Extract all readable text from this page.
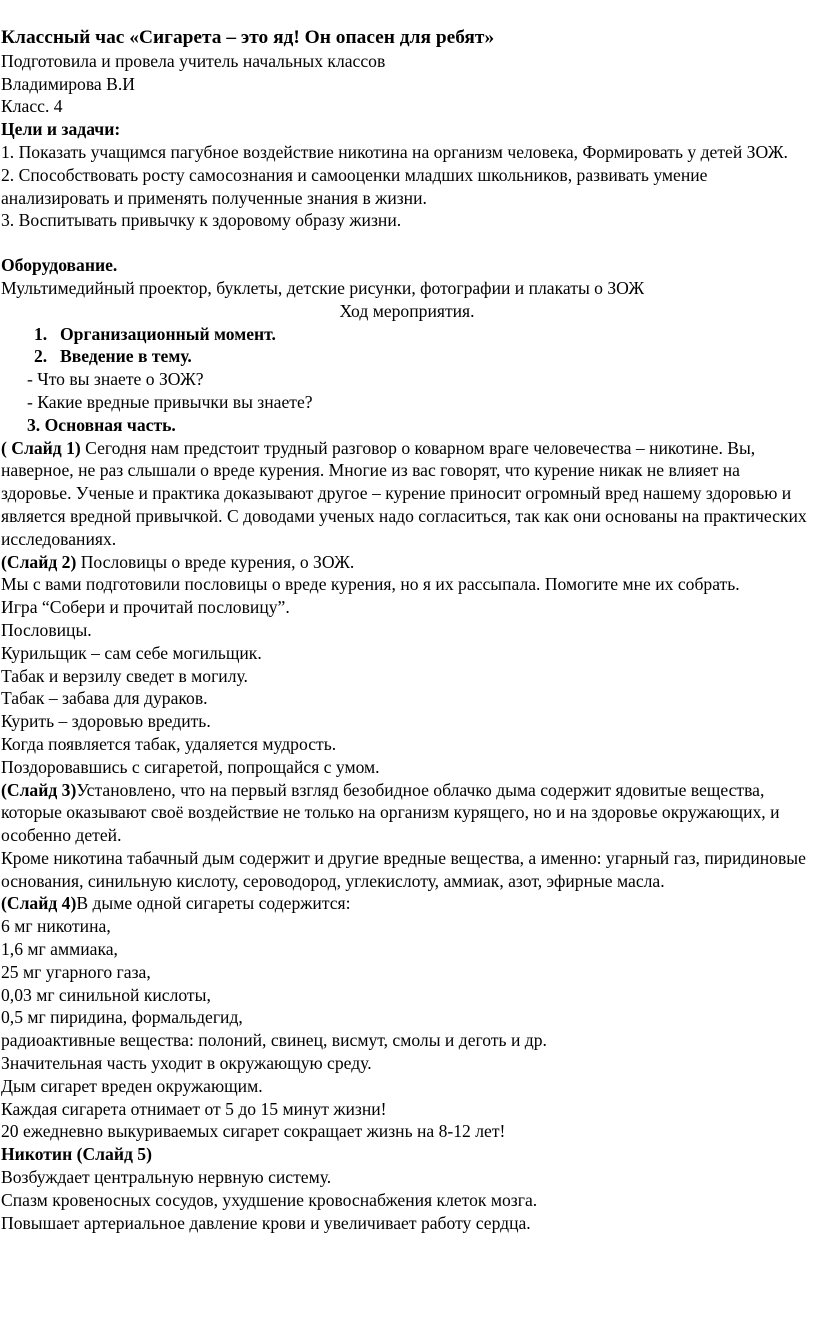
Классный час «Сигарета – это яд! Он опасен для ребят»
Подготовила и провела учитель начальных классов
Владимирова В.И
Класс. 4
Цели и задачи:
1. Показать учащимся пагубное воздействие никотина на организм человека, Формировать у детей ЗОЖ.
2. Способствовать росту самосознания и самооценки младших школьников, развивать умение анализировать и применять полученные знания в жизни.
3. Воспитывать привычку к здоровому образу жизни.
Оборудование.
Мультимедийный проектор, буклеты, детские рисунки, фотографии и плакаты о ЗОЖ
Ход мероприятия.
1. Организационный момент.
2. Введение в тему.
- Что вы знаете о ЗОЖ?
- Какие вредные привычки вы знаете?
3. Основная часть.
( Слайд 1) Сегодня нам предстоит трудный разговор о коварном враге человечества – никотине. Вы, наверное, не раз слышали о вреде курения. Многие из вас говорят, что курение никак не влияет на здоровье. Ученые и практика доказывают другое – курение приносит огромный вред нашему здоровью и является вредной привычкой. С доводами ученых надо согласиться, так как они основаны на практических исследованиях.
(Слайд 2) Пословицы о вреде курения, о ЗОЖ.
Мы с вами подготовили пословицы о вреде курения, но я их рассыпала. Помогите мне их собрать.
Игра “Собери и прочитай пословицу”.
Пословицы.
Курильщик – сам себе могильщик.
Табак и верзилу сведет в могилу.
Табак – забава для дураков.
Курить – здоровью вредить.
Когда появляется табак, удаляется мудрость.
Поздоровавшись с сигаретой, попрощайся с умом.
(Слайд 3)Установлено, что на первый взгляд безобидное облачко дыма содержит ядовитые вещества, которые оказывают своё воздействие не только на организм курящего, но и на здоровье окружающих, и особенно детей.
Кроме никотина табачный дым содержит и другие вредные вещества, а именно: угарный газ, пиридиновые основания, синильную кислоту, сероводород, углекислоту, аммиак, азот, эфирные масла.
(Слайд 4)В дыме одной сигареты содержится:
6 мг никотина,
1,6 мг аммиака,
25 мг угарного газа,
0,03 мг синильной кислоты,
0,5 мг пиридина, формальдегид,
радиоактивные вещества: полоний, свинец, висмут, смолы и деготь и др.
Значительная часть уходит в окружающую среду.
Дым сигарет вреден окружающим.
Каждая сигарета отнимает от 5 до 15 минут жизни!
20 ежедневно выкуриваемых сигарет сокращает жизнь на 8-12 лет!
Никотин (Слайд 5)
Возбуждает центральную нервную систему.
Спазм кровеносных сосудов, ухудшение кровоснабжения клеток мозга.
Повышает артериальное давление крови и увеличивает работу сердца.
